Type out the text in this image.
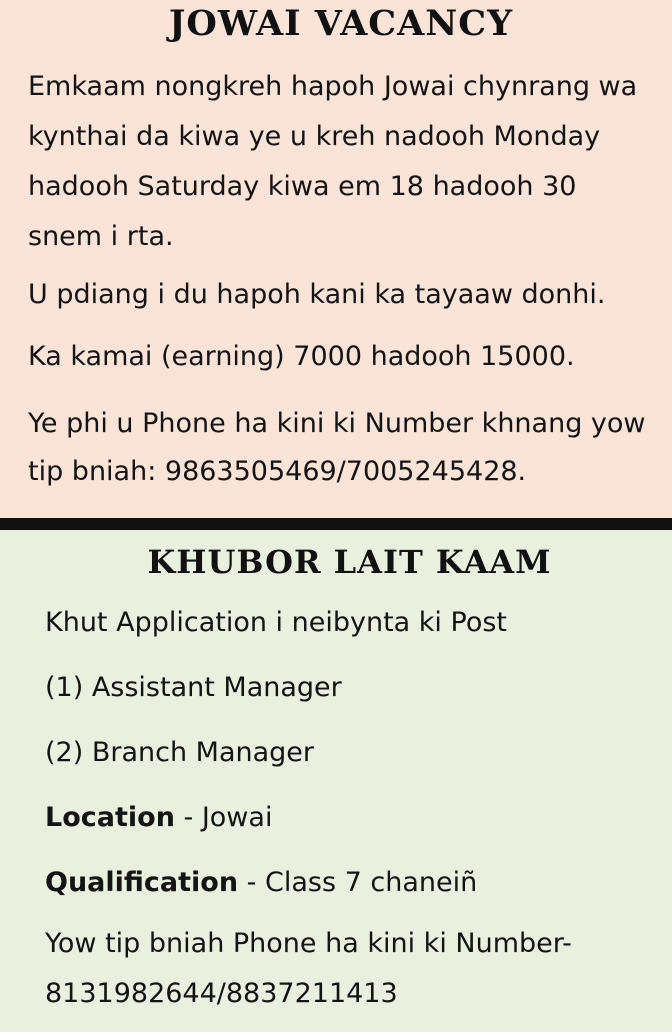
JOWAI VACANCY

Emkaam nongkreh hapoh Jowai chynrang wa kynthai da kiwa ye u kreh nadooh Monday hadooh Saturday kiwa em 18 hadooh 30 snem i rta.

U pdiang i du hapoh kani ka tayaaw donhi.

Ka kamai (earning) 7000 hadooh 15000.

Ye phi u Phone ha kini ki Number khnang yow tip bniah: 9863505469/7005245428.

KHUBOR LAIT KAAM

Khut Application i neibynta ki Post

(1) Assistant Manager

(2) Branch Manager

Location - Jowai

Qualification - Class 7 chaneiñ

Yow tip bniah Phone ha kini ki Number-8131982644/8837211413
